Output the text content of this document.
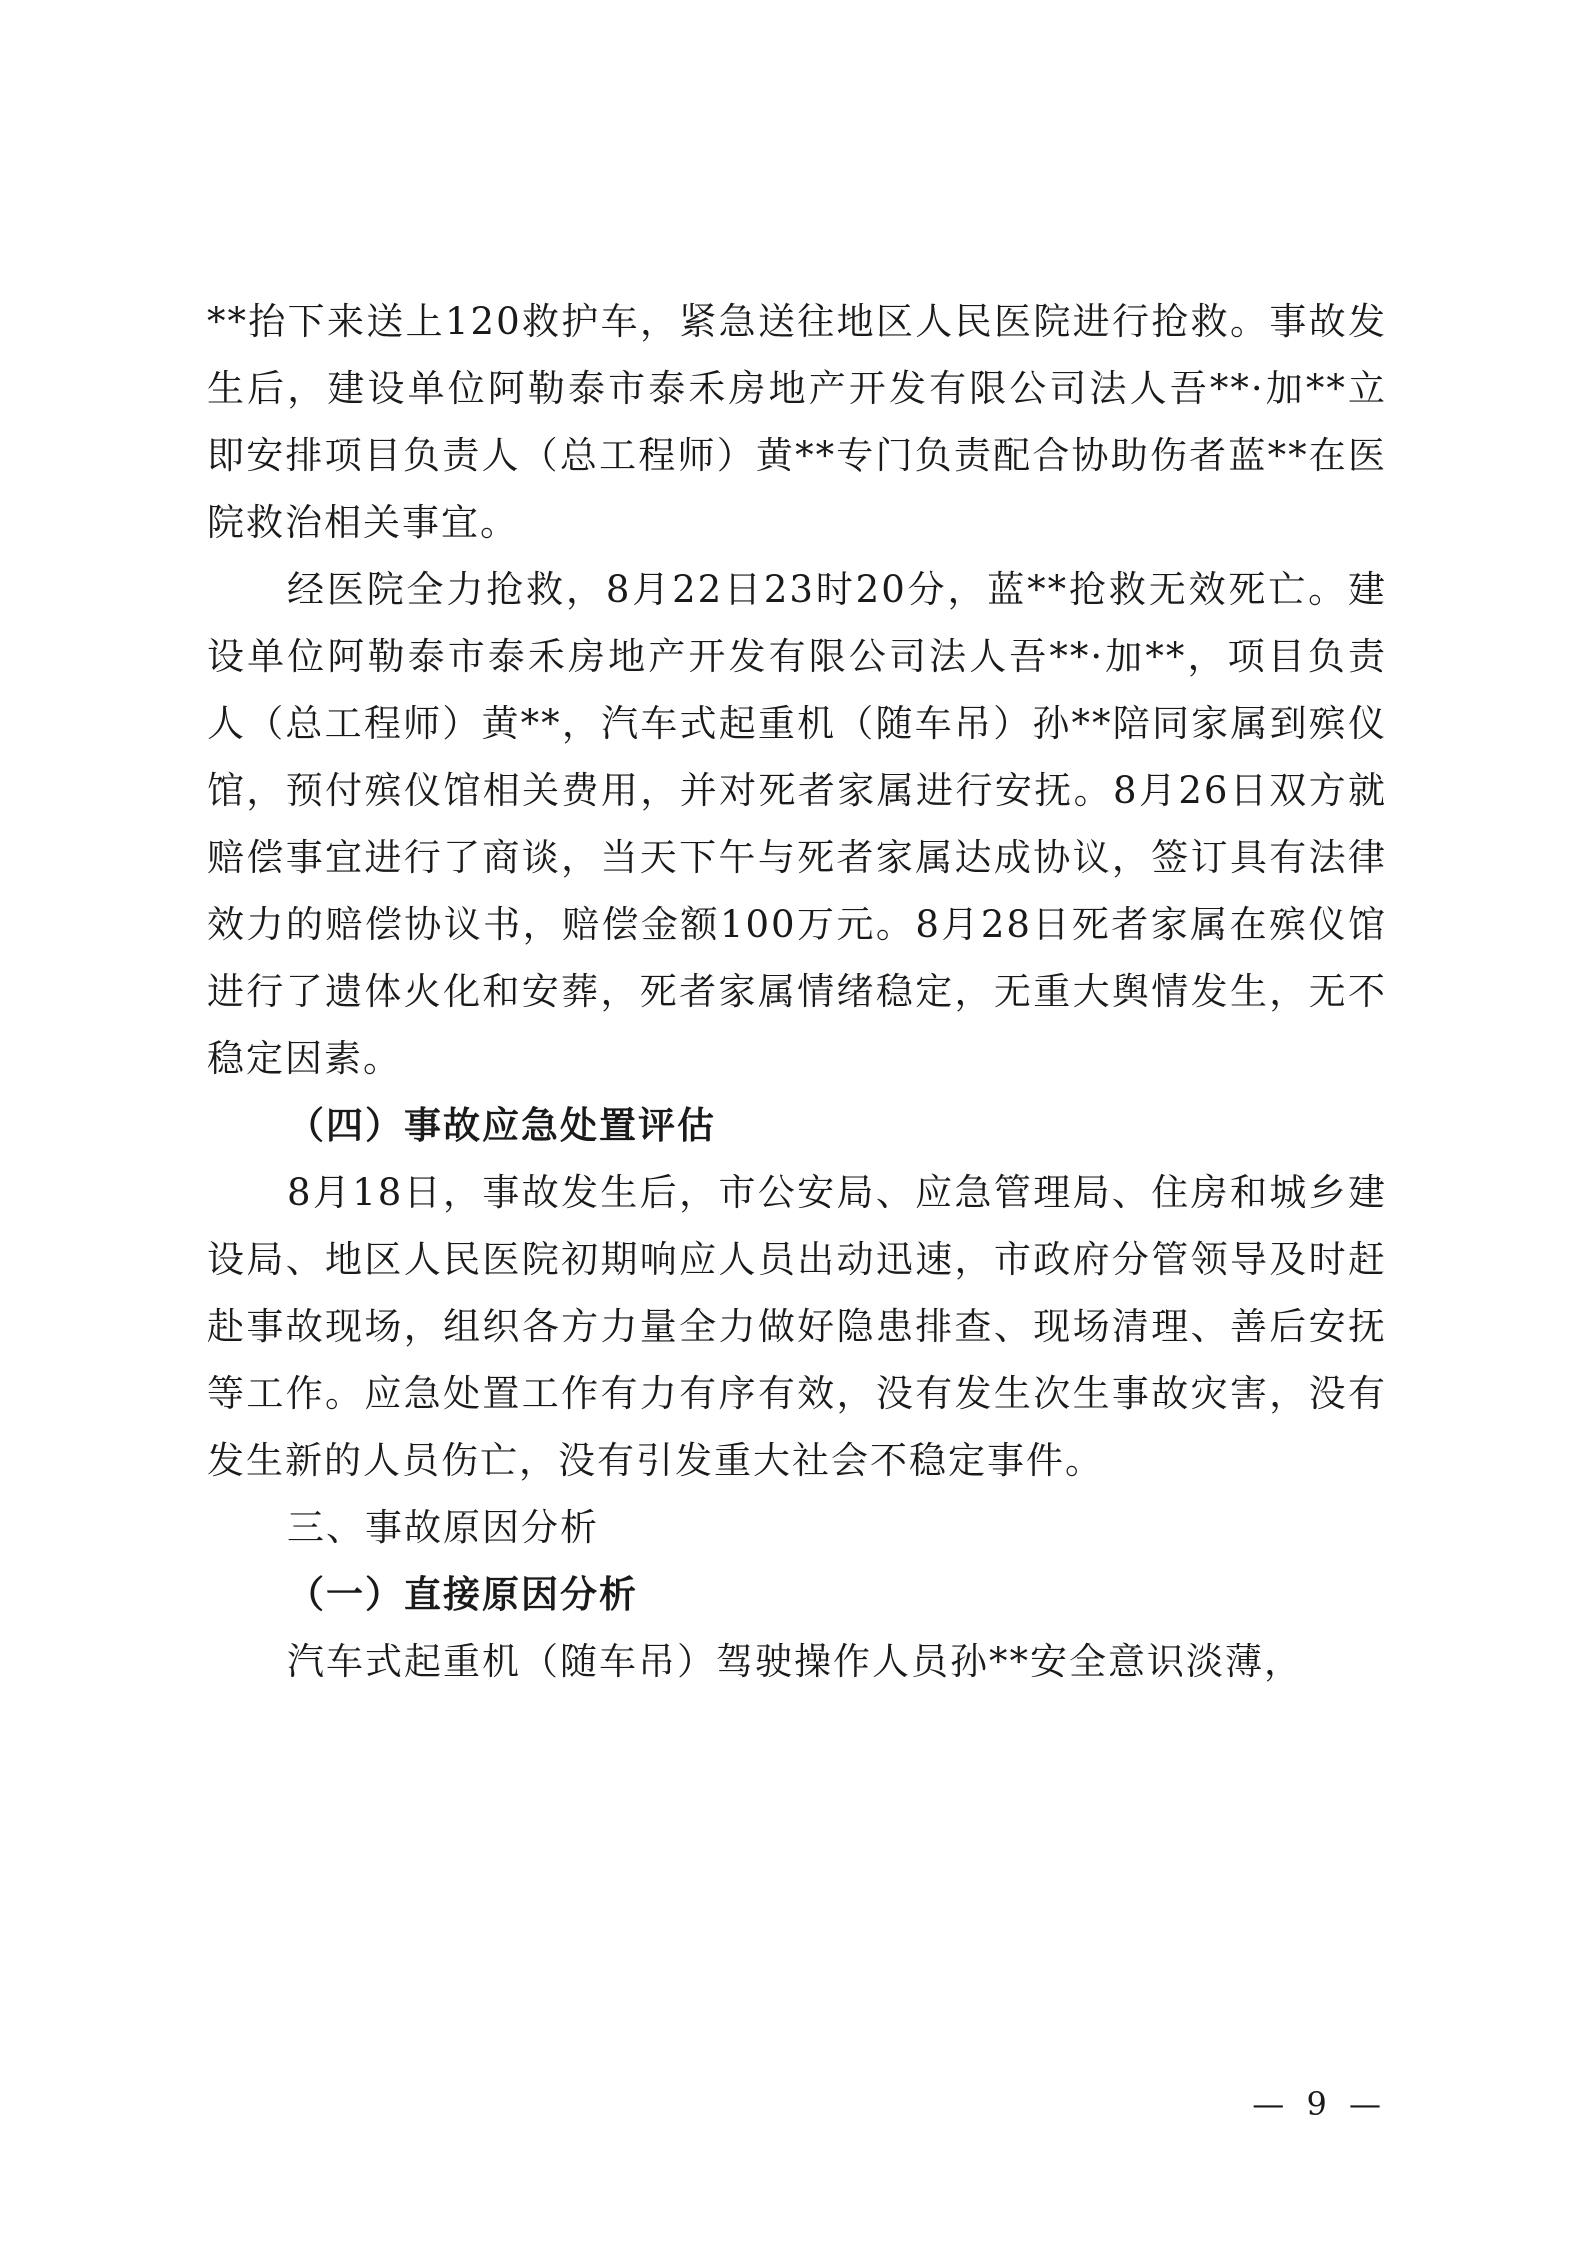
**抬下来送上120救护车，紧急送往地区人民医院进行抢救。事故发生后，建设单位阿勒泰市泰禾房地产开发有限公司法人吾**·加**立即安排项目负责人（总工程师）黄**专门负责配合协助伤者蓝**在医院救治相关事宜。

经医院全力抢救，8月22日23时20分，蓝**抢救无效死亡。建设单位阿勒泰市泰禾房地产开发有限公司法人吾**·加**，项目负责人（总工程师）黄**，汽车式起重机（随车吊）孙**陪同家属到殡仪馆，预付殡仪馆相关费用，并对死者家属进行安抚。8月26日双方就赔偿事宜进行了商谈，当天下午与死者家属达成协议，签订具有法律效力的赔偿协议书，赔偿金额100万元。8月28日死者家属在殡仪馆进行了遗体火化和安葬，死者家属情绪稳定，无重大舆情发生，无不稳定因素。

（四）事故应急处置评估

8月18日，事故发生后，市公安局、应急管理局、住房和城乡建设局、地区人民医院初期响应人员出动迅速，市政府分管领导及时赶赴事故现场，组织各方力量全力做好隐患排查、现场清理、善后安抚等工作。应急处置工作有力有序有效，没有发生次生事故灾害，没有发生新的人员伤亡，没有引发重大社会不稳定事件。

三、事故原因分析

（一）直接原因分析

汽车式起重机（随车吊）驾驶操作人员孙**安全意识淡薄，

— 9 —
